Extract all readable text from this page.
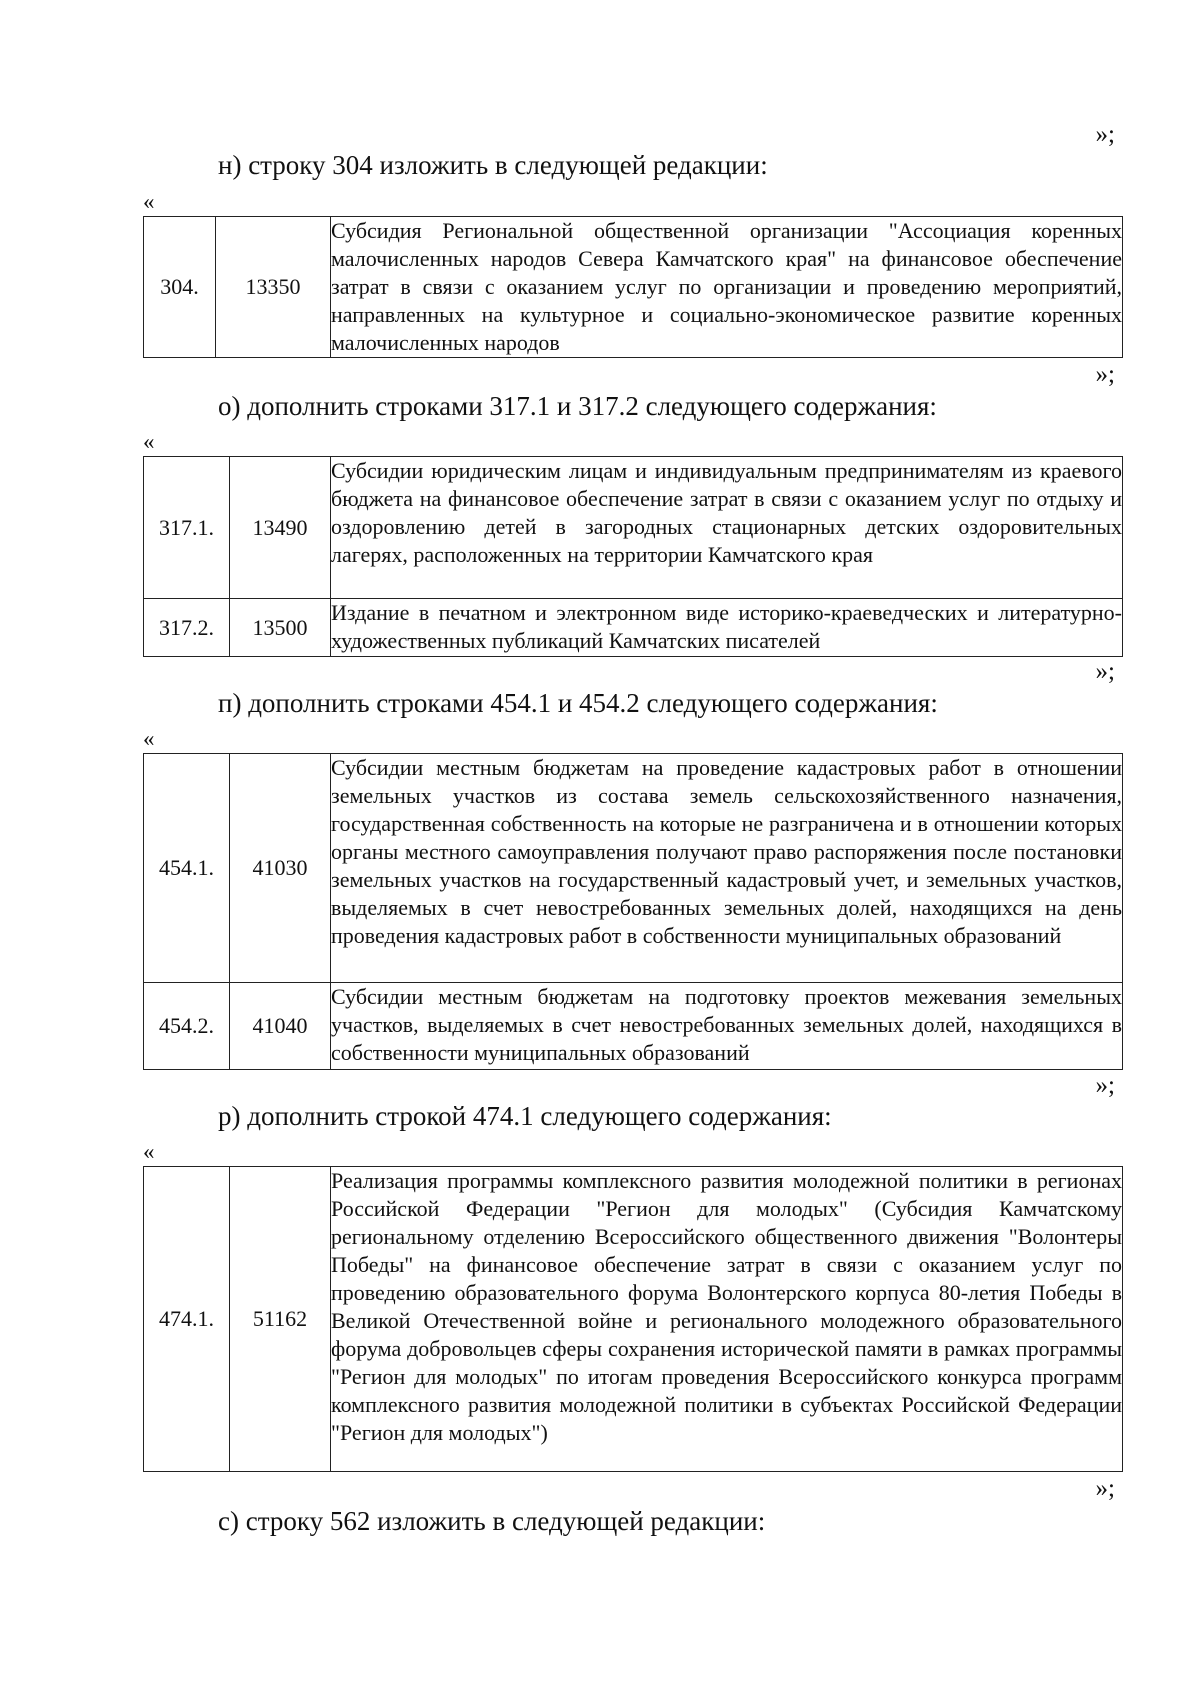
»;
н) строку 304 изложить в следующей редакции:
«
304.	13350	Субсидия Региональной общественной организации "Ассоциация коренных малочисленных народов Севера Камчатского края" на финансовое обеспечение затрат в связи с оказанием услуг по организации и проведению мероприятий, направленных на культурное и социально-экономическое развитие коренных малочисленных народов
»;
о) дополнить строками 317.1 и 317.2 следующего содержания:
«
317.1.	13490	Субсидии юридическим лицам и индивидуальным предпринимателям из краевого бюджета на финансовое обеспечение затрат в связи с оказанием услуг по отдыху и оздоровлению детей в загородных стационарных детских оздоровительных лагерях, расположенных на территории Камчатского края
317.2.	13500	Издание в печатном и электронном виде историко-краеведческих и литературно-художественных публикаций Камчатских писателей
»;
п) дополнить строками 454.1 и 454.2 следующего содержания:
«
454.1.	41030	Субсидии местным бюджетам на проведение кадастровых работ в отношении земельных участков из состава земель сельскохозяйственного назначения, государственная собственность на которые не разграничена и в отношении которых органы местного самоуправления получают право распоряжения после постановки земельных участков на государственный кадастровый учет, и земельных участков, выделяемых в счет невостребованных земельных долей, находящихся на день проведения кадастровых работ в собственности муниципальных образований
454.2.	41040	Субсидии местным бюджетам на подготовку проектов межевания земельных участков, выделяемых в счет невостребованных земельных долей, находящихся в собственности муниципальных образований
»;
р) дополнить строкой 474.1 следующего содержания:
«
474.1.	51162	Реализация программы комплексного развития молодежной политики в регионах Российской Федерации "Регион для молодых" (Субсидия Камчатскому региональному отделению Всероссийского общественного движения "Волонтеры Победы" на финансовое обеспечение затрат в связи с оказанием услуг по проведению образовательного форума Волонтерского корпуса 80-летия Победы в Великой Отечественной войне и регионального молодежного образовательного форума добровольцев сферы сохранения исторической памяти в рамках программы "Регион для молодых" по итогам проведения Всероссийского конкурса программ комплексного развития молодежной политики в субъектах Российской Федерации "Регион для молодых")
»;
с) строку 562 изложить в следующей редакции:
